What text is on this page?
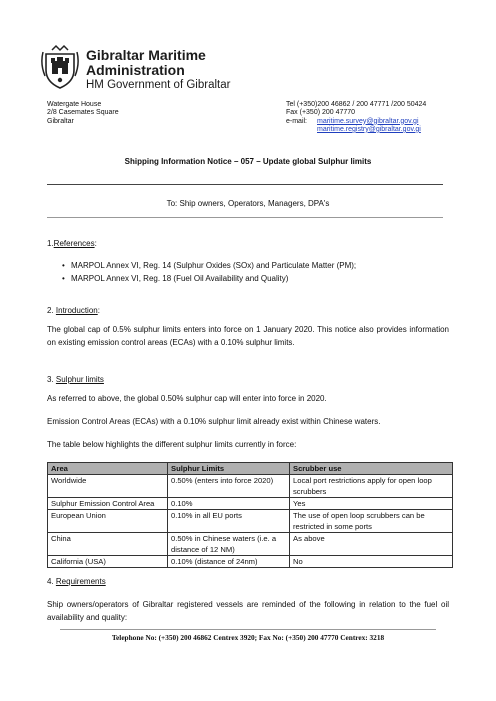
Gibraltar Maritime
Administration
HM Government of Gibraltar
Watergate House
2/8 Casemates Square
Gibraltar
Tel (+350)200 46862 / 200 47771 /200 50424
Fax (+350) 200 47770
e-mail:	maritime.survey@gibraltar.gov.gi
maritime.registry@gibraltar.gov.gi
Shipping Information Notice – 057 – Update global Sulphur limits
To: Ship owners, Operators, Managers, DPA's
1.References:
• MARPOL Annex VI, Reg. 14 (Sulphur Oxides (SOx) and Particulate Matter (PM);
• MARPOL Annex VI, Reg. 18 (Fuel Oil Availability and Quality)
2. Introduction:
The global cap of 0.5% sulphur limits enters into force on 1 January 2020. This notice also provides information on existing emission control areas (ECAs) with a 0.10% sulphur limits.
3. Sulphur limits
As referred to above, the global 0.50% sulphur cap will enter into force in 2020.
Emission Control Areas (ECAs) with a 0.10% sulphur limit already exist within Chinese waters.
The table below highlights the different sulphur limits currently in force:
Area	Sulphur Limits	Scrubber use
Worldwide	0.50% (enters into force 2020)	Local port restrictions apply for open loop scrubbers
Sulphur Emission Control Area	0.10%	Yes
European Union	0.10% in all EU ports	The use of open loop scrubbers can be restricted in some ports
China	0.50% in Chinese waters (i.e. a distance of 12 NM)	As above
California (USA)	0.10% (distance of 24nm)	No
4. Requirements
Ship owners/operators of Gibraltar registered vessels are reminded of the following in relation to the fuel oil availability and quality:
Telephone No: (+350) 200 46862 Centrex 3920; Fax No: (+350) 200 47770 Centrex: 3218
